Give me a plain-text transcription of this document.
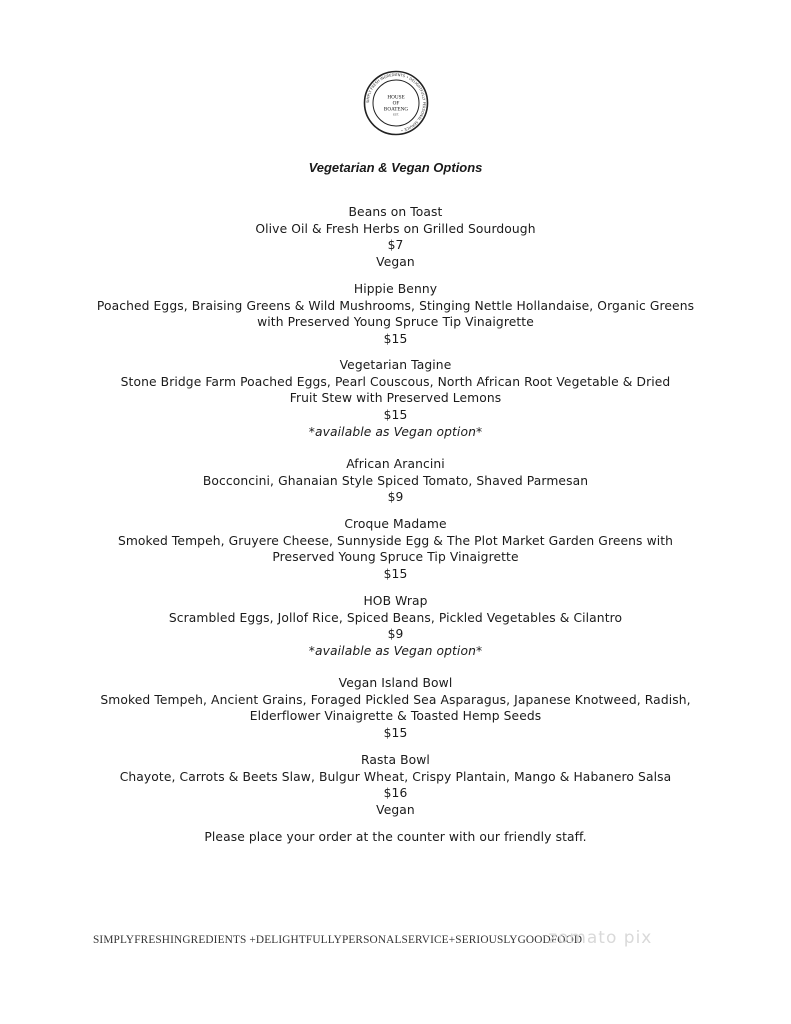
SIMPLY FRESH INGREDIENTS • DELIGHTFULLY PERSONAL SERVICE •
HOUSE
OF
BOATENG
EST.
Vegetarian & Vegan Options
Beans on Toast
Olive Oil & Fresh Herbs on Grilled Sourdough
$7
Vegan
Hippie Benny
Poached Eggs, Braising Greens & Wild Mushrooms, Stinging Nettle Hollandaise, Organic Greens
with Preserved Young Spruce Tip Vinaigrette
$15
Vegetarian Tagine
Stone Bridge Farm Poached Eggs, Pearl Couscous, North African Root Vegetable & Dried
Fruit Stew with Preserved Lemons
$15
*available as Vegan option*
African Arancini
Bocconcini, Ghanaian Style Spiced Tomato, Shaved Parmesan
$9
Croque Madame
Smoked Tempeh, Gruyere Cheese, Sunnyside Egg & The Plot Market Garden Greens with
Preserved Young Spruce Tip Vinaigrette
$15
HOB Wrap
Scrambled Eggs, Jollof Rice, Spiced Beans, Pickled Vegetables & Cilantro
$9
*available as Vegan option*
Vegan Island Bowl
Smoked Tempeh, Ancient Grains, Foraged Pickled Sea Asparagus, Japanese Knotweed, Radish,
Elderflower Vinaigrette & Toasted Hemp Seeds
$15
Rasta Bowl
Chayote, Carrots & Beets Slaw, Bulgur Wheat, Crispy Plantain, Mango & Habanero Salsa
$16
Vegan
Please place your order at the counter with our friendly staff.
SIMPLYFRESHINGREDIENTS +DELIGHTFULLYPERSONALSERVICE+SERIOUSLYGOODFOOD
zomato pix
